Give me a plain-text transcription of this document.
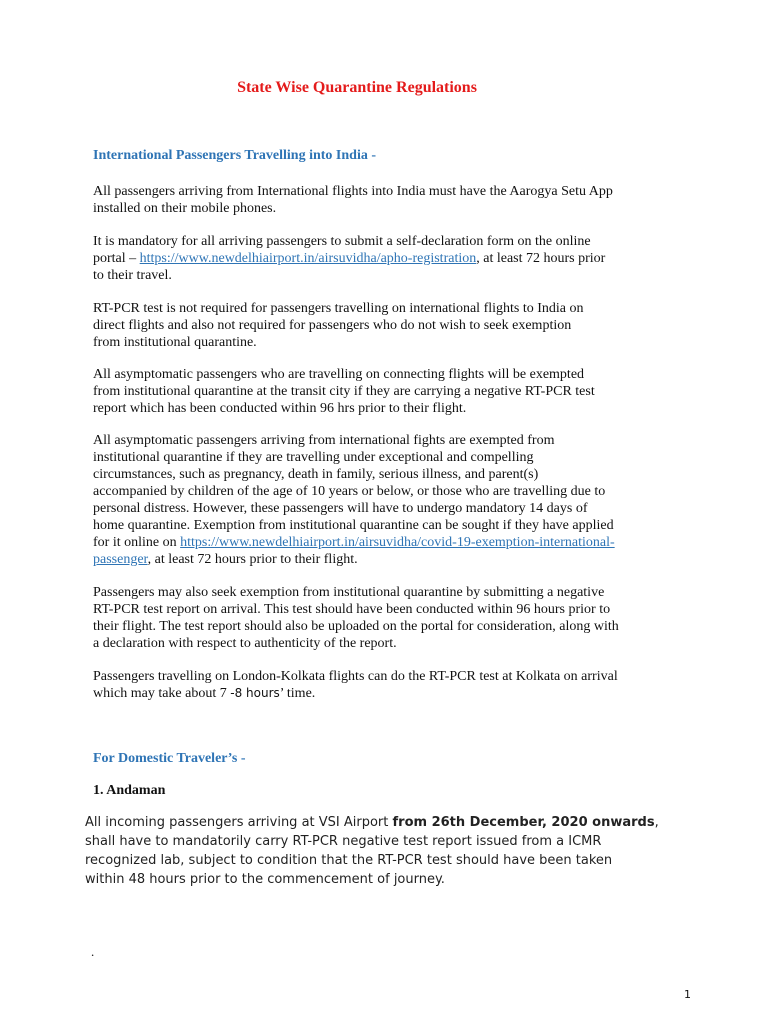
State Wise Quarantine Regulations
International Passengers Travelling into India -

All passengers arriving from International flights into India must have the Aarogya Setu App
installed on their mobile phones.

It is mandatory for all arriving passengers to submit a self-declaration form on the online
portal – https://www.newdelhiairport.in/airsuvidha/apho-registration, at least 72 hours prior
to their travel.

RT-PCR test is not required for passengers travelling on international flights to India on
direct flights and also not required for passengers who do not wish to seek exemption
from institutional quarantine.

All asymptomatic passengers who are travelling on connecting flights will be exempted
from institutional quarantine at the transit city if they are carrying a negative RT-PCR test
report which has been conducted within 96 hrs prior to their flight.

All asymptomatic passengers arriving from international fights are exempted from
institutional quarantine if they are travelling under exceptional and compelling
circumstances, such as pregnancy, death in family, serious illness, and parent(s)
accompanied by children of the age of 10 years or below, or those who are travelling due to
personal distress. However, these passengers will have to undergo mandatory 14 days of
home quarantine. Exemption from institutional quarantine can be sought if they have applied
for it online on https://www.newdelhiairport.in/airsuvidha/covid-19-exemption-international-
passenger, at least 72 hours prior to their flight.

Passengers may also seek exemption from institutional quarantine by submitting a negative
RT-PCR test report on arrival. This test should have been conducted within 96 hours prior to
their flight. The test report should also be uploaded on the portal for consideration, along with
a declaration with respect to authenticity of the report.

Passengers travelling on London-Kolkata flights can do the RT-PCR test at Kolkata on arrival
which may take about 7 -8 hours’ time.

For Domestic Traveler’s -
1. Andaman

All incoming passengers arriving at VSI Airport from 26th December, 2020 onwards,
shall have to mandatorily carry RT-PCR negative test report issued from a ICMR
recognized lab, subject to condition that the RT-PCR test should have been taken
within 48 hours prior to the commencement of journey.

.
1
